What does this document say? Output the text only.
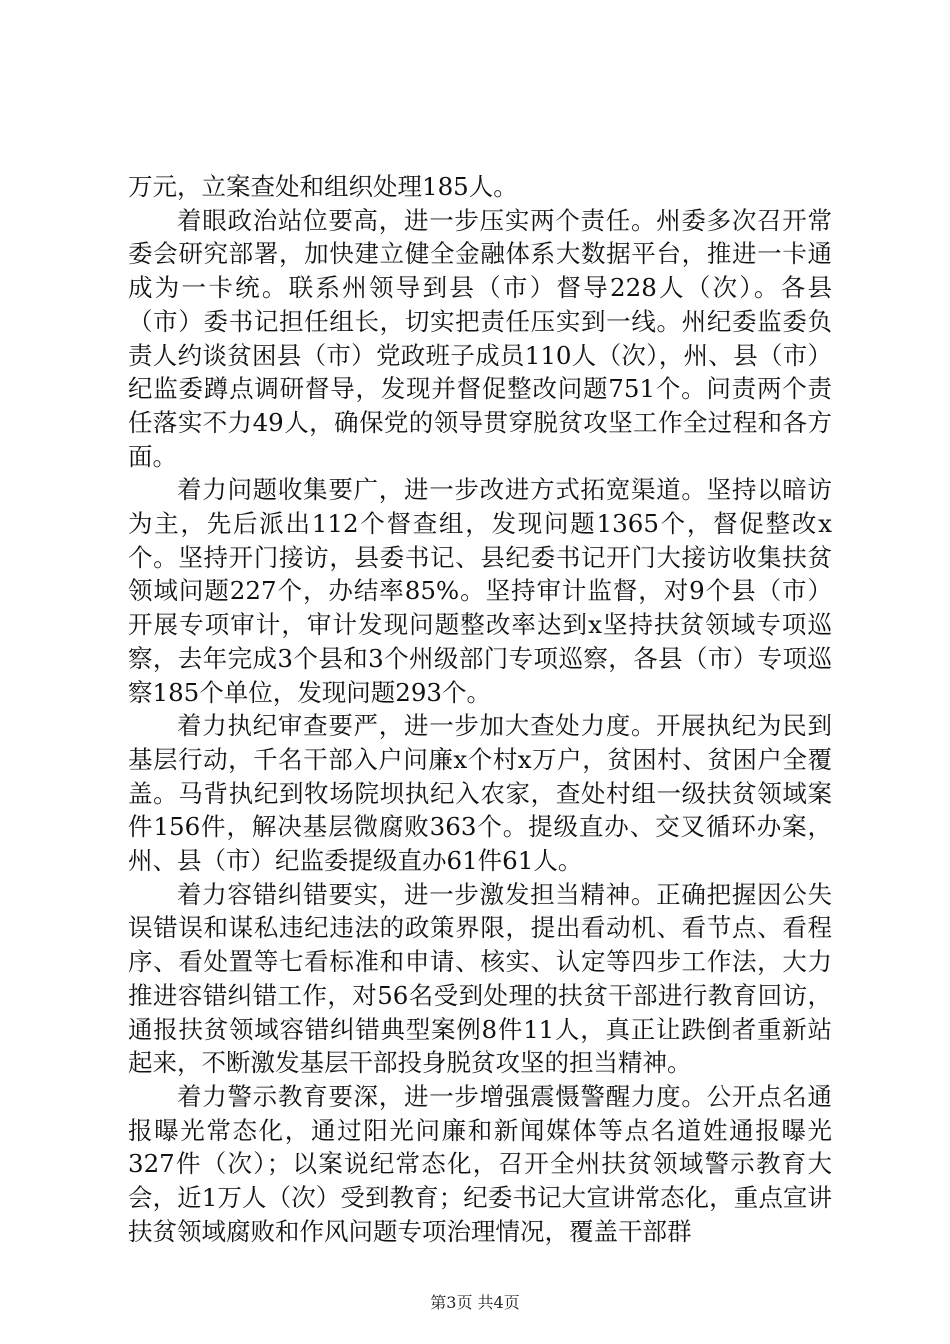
万元，立案查处和组织处理185人。

着眼政治站位要高，进一步压实两个责任。州委多次召开常委会研究部署，加快建立健全金融体系大数据平台，推进一卡通成为一卡统。联系州领导到县（市）督导228人（次）。各县（市）委书记担任组长，切实把责任压实到一线。州纪委监委负责人约谈贫困县（市）党政班子成员110人（次），州、县（市）纪监委蹲点调研督导，发现并督促整改问题751个。问责两个责任落实不力49人，确保党的领导贯穿脱贫攻坚工作全过程和各方面。

着力问题收集要广，进一步改进方式拓宽渠道。坚持以暗访为主，先后派出112个督查组，发现问题1365个，督促整改x个。坚持开门接访，县委书记、县纪委书记开门大接访收集扶贫领域问题227个，办结率85%。坚持审计监督，对9个县（市）开展专项审计，审计发现问题整改率达到x坚持扶贫领域专项巡察，去年完成3个县和3个州级部门专项巡察，各县（市）专项巡察185个单位，发现问题293个。

着力执纪审查要严，进一步加大查处力度。开展执纪为民到基层行动，千名干部入户问廉x个村x万户，贫困村、贫困户全覆盖。马背执纪到牧场院坝执纪入农家，查处村组一级扶贫领域案件156件，解决基层微腐败363个。提级直办、交叉循环办案，州、县（市）纪监委提级直办61件61人。

着力容错纠错要实，进一步激发担当精神。正确把握因公失误错误和谋私违纪违法的政策界限，提出看动机、看节点、看程序、看处置等七看标准和申请、核实、认定等四步工作法，大力推进容错纠错工作，对56名受到处理的扶贫干部进行教育回访，通报扶贫领域容错纠错典型案例8件11人，真正让跌倒者重新站起来，不断激发基层干部投身脱贫攻坚的担当精神。

着力警示教育要深，进一步增强震慑警醒力度。公开点名通报曝光常态化，通过阳光问廉和新闻媒体等点名道姓通报曝光327件（次）；以案说纪常态化，召开全州扶贫领域警示教育大会，近1万人（次）受到教育；纪委书记大宣讲常态化，重点宣讲扶贫领域腐败和作风问题专项治理情况，覆盖干部群

第3页 共4页
